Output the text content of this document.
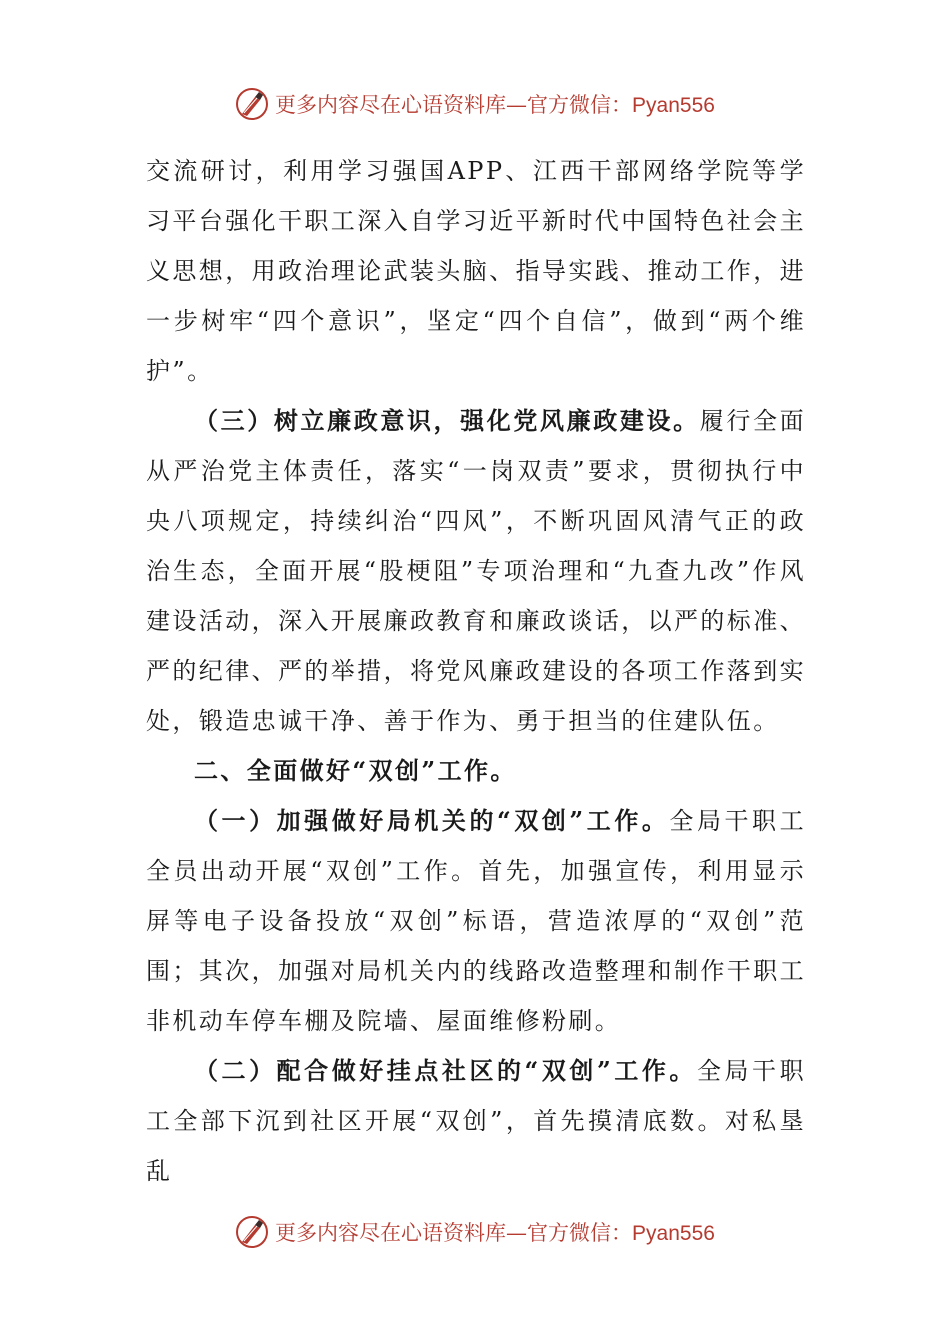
更多内容尽在心语资料库—官方微信：Pyan556

交流研讨，利用学习强国APP、江西干部网络学院等学习平台强化干职工深入自学习近平新时代中国特色社会主义思想，用政治理论武装头脑、指导实践、推动工作，进一步树牢“四个意识”，坚定“四个自信”，做到“两个维护”。

（三）树立廉政意识，强化党风廉政建设。履行全面从严治党主体责任，落实“一岗双责”要求，贯彻执行中央八项规定，持续纠治“四风”，不断巩固风清气正的政治生态，全面开展“股梗阻”专项治理和“九查九改”作风建设活动，深入开展廉政教育和廉政谈话，以严的标准、严的纪律、严的举措，将党风廉政建设的各项工作落到实处，锻造忠诚干净、善于作为、勇于担当的住建队伍。

二、全面做好“双创”工作。

（一）加强做好局机关的“双创”工作。全局干职工全员出动开展“双创”工作。首先，加强宣传，利用显示屏等电子设备投放“双创”标语，营造浓厚的“双创”范围；其次，加强对局机关内的线路改造整理和制作干职工非机动车停车棚及院墙、屋面维修粉刷。

（二）配合做好挂点社区的“双创”工作。全局干职工全部下沉到社区开展“双创”，首先摸清底数。对私垦乱

更多内容尽在心语资料库—官方微信：Pyan556
